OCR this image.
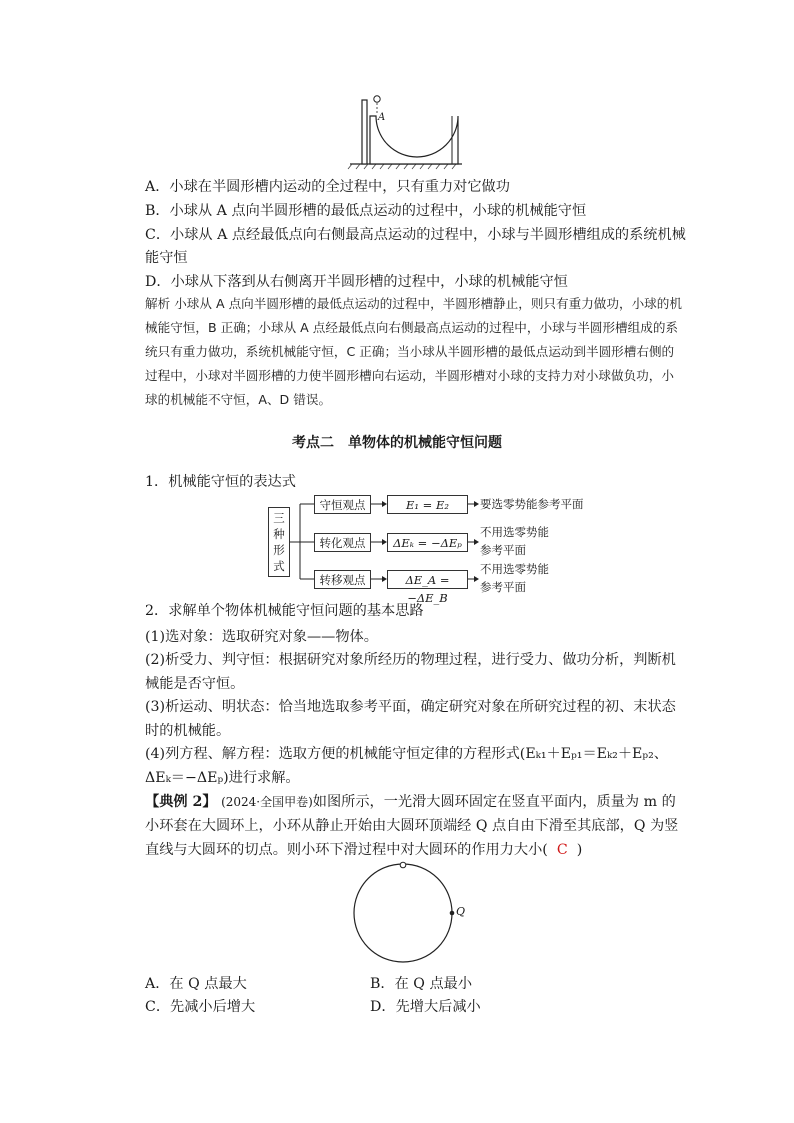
A
A．小球在半圆形槽内运动的全过程中，只有重力对它做功
B．小球从 A 点向半圆形槽的最低点运动的过程中，小球的机械能守恒
C．小球从 A 点经最低点向右侧最高点运动的过程中，小球与半圆形槽组成的系统机械
能守恒
D．小球从下落到从右侧离开半圆形槽的过程中，小球的机械能守恒
解析 小球从 A 点向半圆形槽的最低点运动的过程中，半圆形槽静止，则只有重力做功，小球的机械能守恒，B 正确；小球从 A 点经最低点向右侧最高点运动的过程中，小球与半圆形槽组成的系统只有重力做功，系统机械能守恒，C 正确；当小球从半圆形槽的最低点运动到半圆形槽右侧的过程中，小球对半圆形槽的力使半圆形槽向右运动，半圆形槽对小球的支持力对小球做负功，小球的机械能不守恒，A、D 错误。
考点二　单物体的机械能守恒问题
1．机械能守恒的表达式
三种形式
守恒观点	E₁ = E₂	要选零势能参考平面
转化观点	ΔEₖ = −ΔEₚ
不用选零势能
参考平面
转移观点	ΔE_A = −ΔE_B
不用选零势能
参考平面
2．求解单个物体机械能守恒问题的基本思路
(1)选对象：选取研究对象——物体。
(2)析受力、判守恒：根据研究对象所经历的物理过程，进行受力、做功分析，判断机械能是否守恒。
(3)析运动、明状态：恰当地选取参考平面，确定研究对象在所研究过程的初、末状态时的机械能。
(4)列方程、解方程：选取方便的机械能守恒定律的方程形式(Eₖ₁＋Eₚ₁＝Eₖ₂＋Eₚ₂、ΔEₖ＝−ΔEₚ)进行求解。
【典例 2】 (2024·全国甲卷)如图所示，一光滑大圆环固定在竖直平面内，质量为 m 的小环套在大圆环上，小环从静止开始由大圆环顶端经 Q 点自由下滑至其底部，Q 为竖直线与大圆环的切点。则小环下滑过程中对大圆环的作用力大小( C )
Q
A．在 Q 点最大	B．在 Q 点最小
C．先减小后增大	D．先增大后减小
